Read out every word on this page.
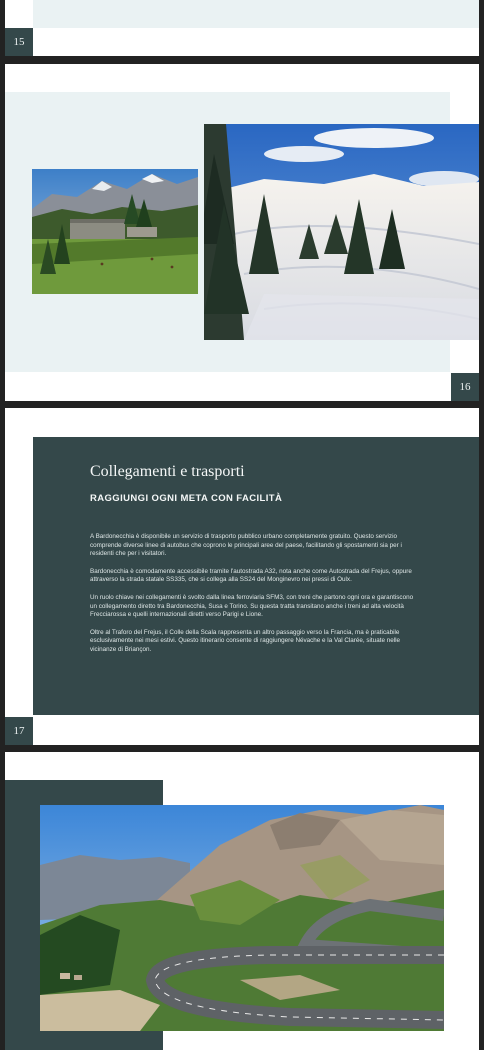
15
16
Collegamenti e trasporti
RAGGIUNGI OGNI META CON FACILITÀ

A Bardonecchia è disponibile un servizio di trasporto pubblico urbano completamente gratuito. Questo servizio comprende diverse linee di autobus che coprono le principali aree del paese, facilitando gli spostamenti sia per i residenti che per i visitatori.

Bardonecchia è comodamente accessibile tramite l'autostrada A32, nota anche come Autostrada del Frejus, oppure attraverso la strada statale SS335, che si collega alla SS24 del Monginevro nei pressi di Oulx.

Un ruolo chiave nei collegamenti è svolto dalla linea ferroviaria SFM3, con treni che partono ogni ora e garantiscono un collegamento diretto tra Bardonecchia, Susa e Torino. Su questa tratta transitano anche i treni ad alta velocità Frecciarossa e quelli internazionali diretti verso Parigi e Lione.

Oltre al Traforo del Frejus, il Colle della Scala rappresenta un altro passaggio verso la Francia, ma è praticabile esclusivamente nei mesi estivi. Questo itinerario consente di raggiungere Névache e la Val Clarée, situate nelle vicinanze di Briançon.

17
